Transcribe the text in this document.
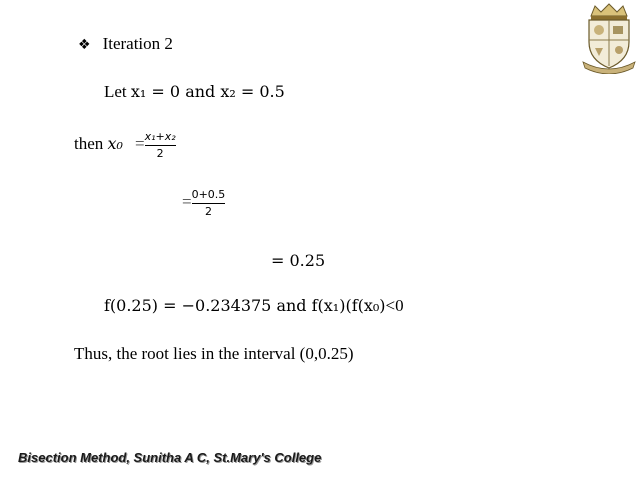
❖ Iteration 2
Let x₁ = 0 and x₂ = 0.5
then $x_0 = \frac{\text{x₁+x₂}}{2}$
= $\frac{0+0.5}{2}$
= 0.25
f(0.25) = −0.234375 and f(x₁)(f(x₀)<0
Thus, the root lies in the interval (0,0.25)
Bisection Method, Sunitha A C, St.Mary's College
